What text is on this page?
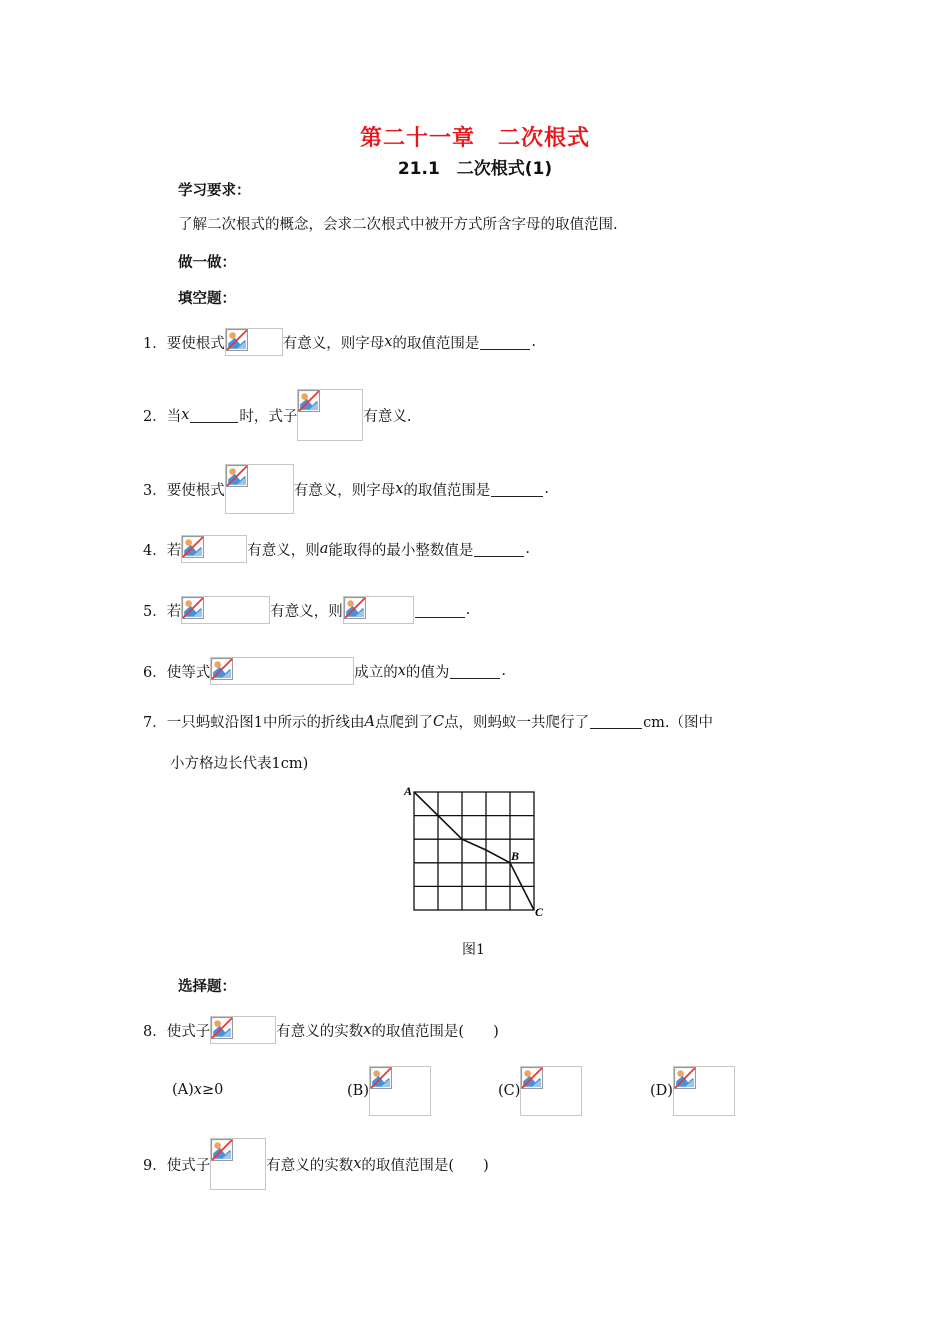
第二十一章　二次根式
21.1　二次根式(1)
学习要求：
了解二次根式的概念，会求二次根式中被开方式所含字母的取值范围.
做一做：
填空题：
1． 要使根式	有意义，则字母 x 的取值范围是	.
2． 当 x	时，式子	有意义.
3． 要使根式	有意义，则字母 x 的取值范围是	.
4． 若	有意义，则 a 能取得的最小整数值是	.
5． 若	有意义，则	.
6． 使等式	成立的 x 的值为	.
7． 一只蚂蚁沿图1中所示的折线由 A 点爬到了 C 点，则蚂蚁一共爬行了	cm.（图中
小方格边长代表1cm)
A
B
C
图1
选择题：
8． 使式子	有意义的实数 x 的取值范围是(　　)
(A) x ≥0	(B)	(C)	(D)
9． 使式子	有意义的实数 x 的取值范围是(　　)
